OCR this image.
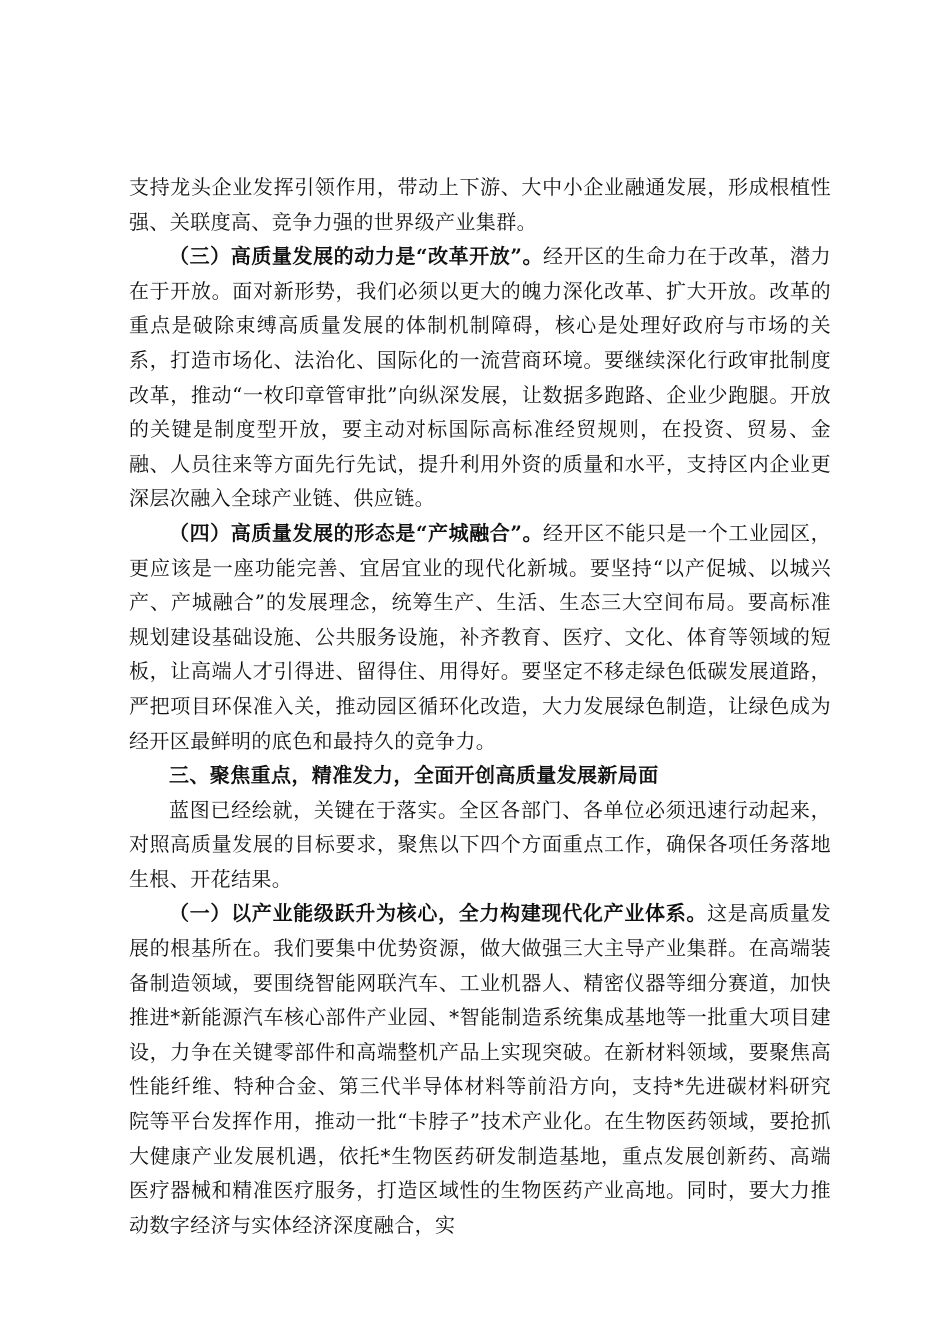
支持龙头企业发挥引领作用，带动上下游、大中小企业融通发展，形成根植性强、关联度高、竞争力强的世界级产业集群。

（三）高质量发展的动力是“改革开放”。经开区的生命力在于改革，潜力在于开放。面对新形势，我们必须以更大的魄力深化改革、扩大开放。改革的重点是破除束缚高质量发展的体制机制障碍，核心是处理好政府与市场的关系，打造市场化、法治化、国际化的一流营商环境。要继续深化行政审批制度改革，推动“一枚印章管审批”向纵深发展，让数据多跑路、企业少跑腿。开放的关键是制度型开放，要主动对标国际高标准经贸规则，在投资、贸易、金融、人员往来等方面先行先试，提升利用外资的质量和水平，支持区内企业更深层次融入全球产业链、供应链。

（四）高质量发展的形态是“产城融合”。经开区不能只是一个工业园区，更应该是一座功能完善、宜居宜业的现代化新城。要坚持“以产促城、以城兴产、产城融合”的发展理念，统筹生产、生活、生态三大空间布局。要高标准规划建设基础设施、公共服务设施，补齐教育、医疗、文化、体育等领域的短板，让高端人才引得进、留得住、用得好。要坚定不移走绿色低碳发展道路，严把项目环保准入关，推动园区循环化改造，大力发展绿色制造，让绿色成为经开区最鲜明的底色和最持久的竞争力。

三、聚焦重点，精准发力，全面开创高质量发展新局面

蓝图已经绘就，关键在于落实。全区各部门、各单位必须迅速行动起来，对照高质量发展的目标要求，聚焦以下四个方面重点工作，确保各项任务落地生根、开花结果。

（一）以产业能级跃升为核心，全力构建现代化产业体系。这是高质量发展的根基所在。我们要集中优势资源，做大做强三大主导产业集群。在高端装备制造领域，要围绕智能网联汽车、工业机器人、精密仪器等细分赛道，加快推进*新能源汽车核心部件产业园、*智能制造系统集成基地等一批重大项目建设，力争在关键零部件和高端整机产品上实现突破。在新材料领域，要聚焦高性能纤维、特种合金、第三代半导体材料等前沿方向，支持*先进碳材料研究院等平台发挥作用，推动一批“卡脖子”技术产业化。在生物医药领域，要抢抓大健康产业发展机遇，依托*生物医药研发制造基地，重点发展创新药、高端医疗器械和精准医疗服务，打造区域性的生物医药产业高地。同时，要大力推动数字经济与实体经济深度融合，实
